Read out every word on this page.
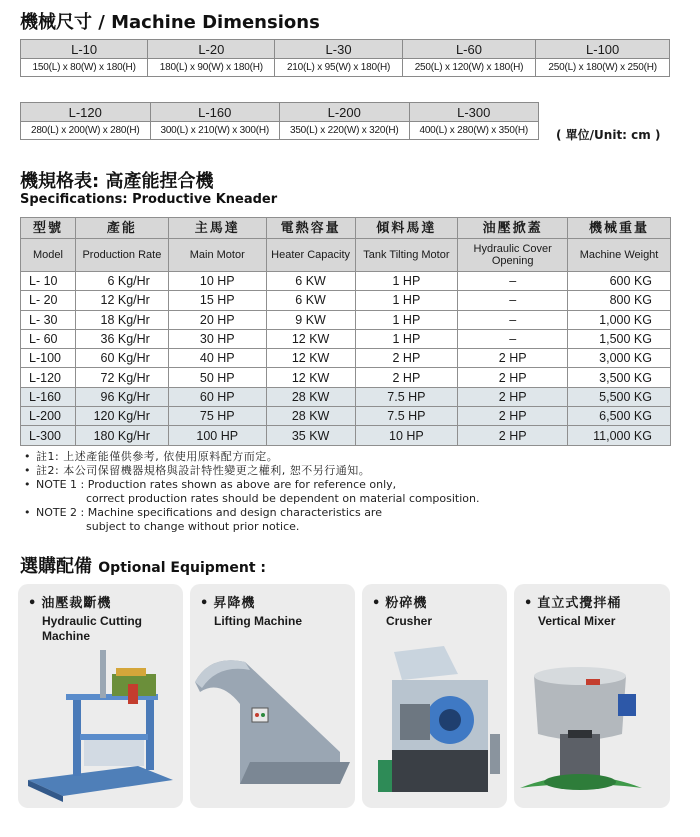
機械尺寸 / Machine Dimensions
L-10	L-20	L-30	L-60	L-100
150(L) x 80(W) x 180(H)	180(L) x 90(W) x 180(H)	210(L) x 95(W) x 180(H)	250(L) x 120(W) x 180(H)	250(L) x 180(W) x 250(H)
L-120	L-160	L-200	L-300
280(L) x 200(W) x 280(H)	300(L) x 210(W) x 300(H)	350(L) x 220(W) x 320(H)	400(L) x 280(W) x 350(H) ( 單位/Unit: cm )
機規格表: 高產能捏合機
Specifications: Productive Kneader
型號	產能	主馬達	電熱容量	傾料馬達	油壓掀蓋	機械重量
Model	Production Rate	Main Motor	Heater Capacity	Tank Tilting Motor	Hydraulic Cover Opening	Machine Weight
L- 10	6 Kg/Hr	10 HP	6 KW	1 HP	–	600 KG
L- 20	12 Kg/Hr	15 HP	6 KW	1 HP	–	800 KG
L- 30	18 Kg/Hr	20 HP	9 KW	1 HP	–	1,000 KG
L- 60	36 Kg/Hr	30 HP	12 KW	1 HP	–	1,500 KG
L-100	60 Kg/Hr	40 HP	12 KW	2 HP	2 HP	3,000 KG
L-120	72 Kg/Hr	50 HP	12 KW	2 HP	2 HP	3,500 KG
L-160	96 Kg/Hr	60 HP	28 KW	7.5 HP	2 HP	5,500 KG
L-200	120 Kg/Hr	75 HP	28 KW	7.5 HP	2 HP	6,500 KG
L-300	180 Kg/Hr	100 HP	35 KW	10 HP	2 HP	11,000 KG
• 註1: 上述產能僅供參考, 依使用原料配方而定。
• 註2: 本公司保留機器規格與設計特性變更之權利, 恕不另行通知。
• NOTE 1 : Production rates shown as above are for reference only,
correct production rates should be dependent on material composition.
• NOTE 2 : Machine specifications and design characteristics are
subject to change without prior notice.
選購配備 Optional Equipment :
• 油壓裁斷機
Hydraulic Cutting Machine
• 昇降機
Lifting Machine
• 粉碎機
Crusher
• 直立式攪拌桶
Vertical Mixer
